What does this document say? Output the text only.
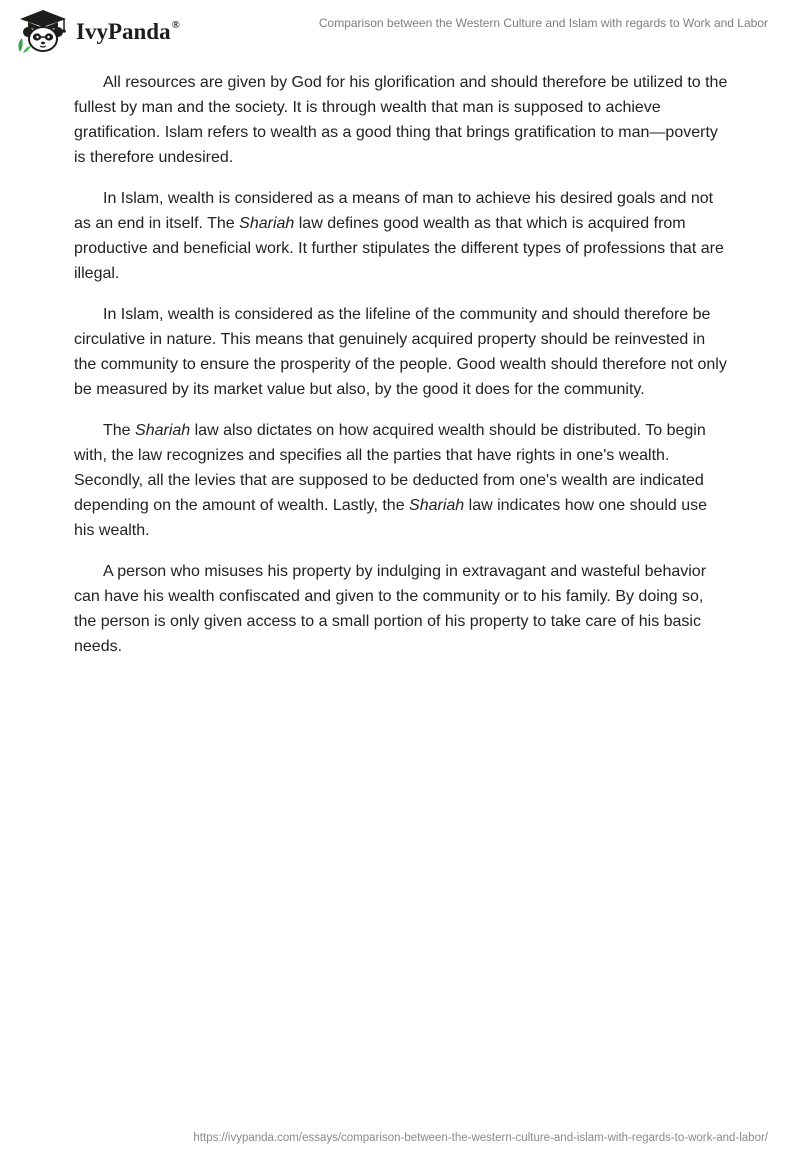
IvyPanda®	Comparison between the Western Culture and Islam with regards to Work and Labor

All resources are given by God for his glorification and should therefore be utilized to the fullest by man and the society. It is through wealth that man is supposed to achieve gratification. Islam refers to wealth as a good thing that brings gratification to man—poverty is therefore undesired.

In Islam, wealth is considered as a means of man to achieve his desired goals and not as an end in itself. The Shariah law defines good wealth as that which is acquired from productive and beneficial work. It further stipulates the different types of professions that are illegal.

In Islam, wealth is considered as the lifeline of the community and should therefore be circulative in nature. This means that genuinely acquired property should be reinvested in the community to ensure the prosperity of the people. Good wealth should therefore not only be measured by its market value but also, by the good it does for the community.

The Shariah law also dictates on how acquired wealth should be distributed. To begin with, the law recognizes and specifies all the parties that have rights in one's wealth. Secondly, all the levies that are supposed to be deducted from one's wealth are indicated depending on the amount of wealth. Lastly, the Shariah law indicates how one should use his wealth.

A person who misuses his property by indulging in extravagant and wasteful behavior can have his wealth confiscated and given to the community or to his family. By doing so, the person is only given access to a small portion of his property to take care of his basic needs.

https://ivypanda.com/essays/comparison-between-the-western-culture-and-islam-with-regards-to-work-and-labor/
